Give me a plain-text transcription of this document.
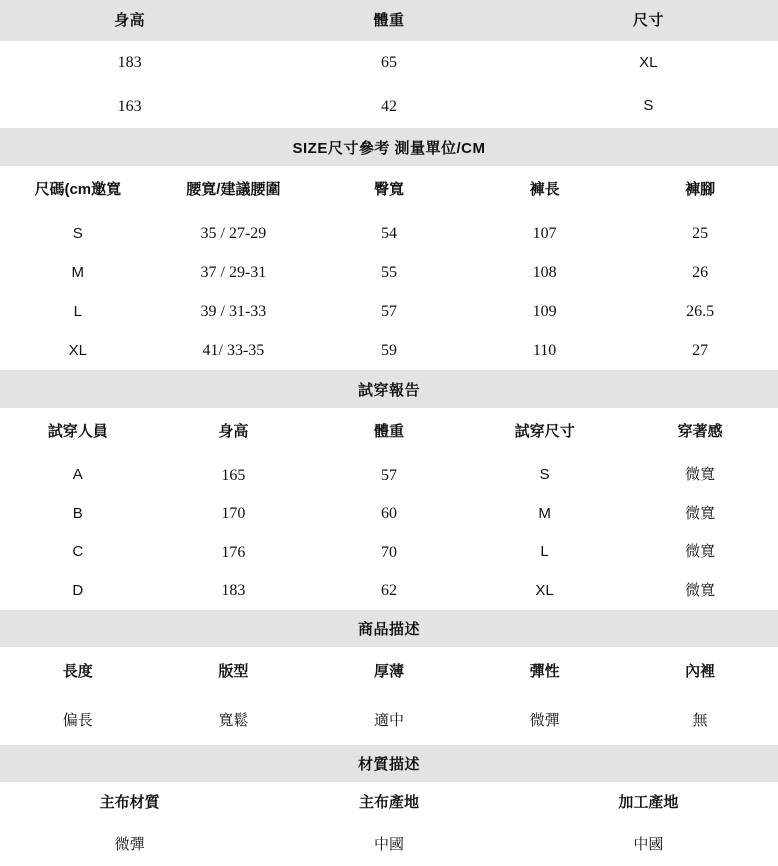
身高	體重	尺寸
183	65	XL
163	42	S
SIZE尺寸參考 測量單位/CM
尺碼(cm邀寬	腰寬/建議腰圍	臀寬	褲長	褲腳
S	35 / 27-29	54	107	25
M	37 / 29-31	55	108	26
L	39 / 31-33	57	109	26.5
XL	41/ 33-35	59	110	27
試穿報告
試穿人員	身高	體重	試穿尺寸	穿著感
A	165	57	S	微寬
B	170	60	M	微寬
C	176	70	L	微寬
D	183	62	XL	微寬
商品描述
長度	版型	厚薄	彈性	內裡
偏長	寬鬆	適中	微彈	無
材質描述
主布材質	主布產地	加工產地
微彈	中國	中國
